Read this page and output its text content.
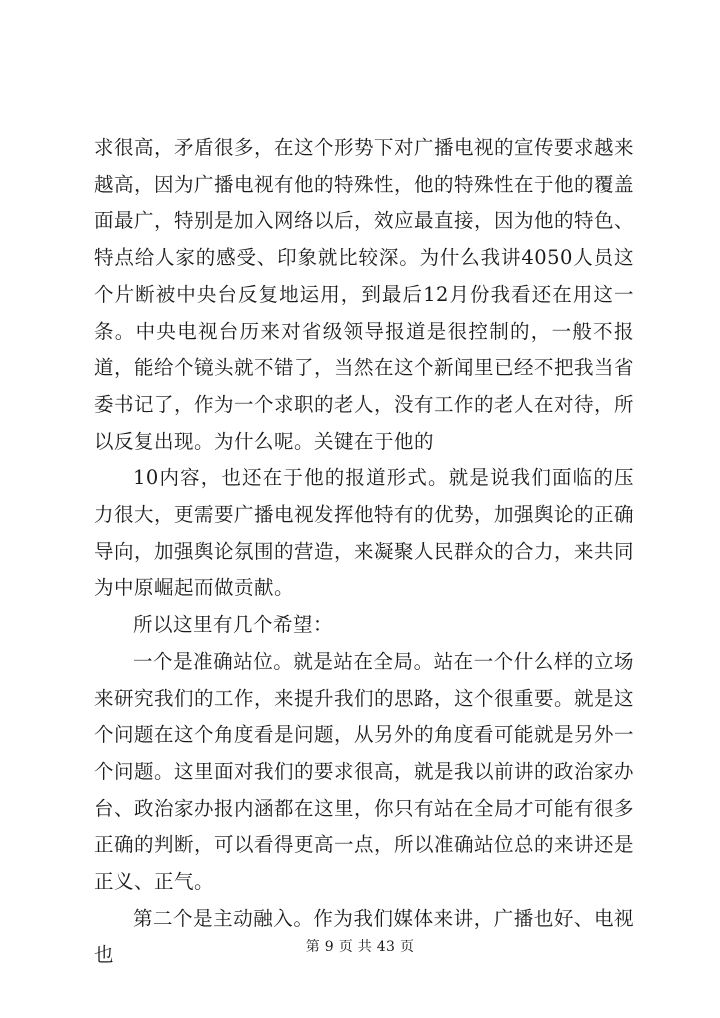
求很高，矛盾很多，在这个形势下对广播电视的宣传要求越来越高，因为广播电视有他的特殊性，他的特殊性在于他的覆盖面最广，特别是加入网络以后，效应最直接，因为他的特色、特点给人家的感受、印象就比较深。为什么我讲4050人员这个片断被中央台反复地运用，到最后12月份我看还在用这一条。中央电视台历来对省级领导报道是很控制的，一般不报道，能给个镜头就不错了，当然在这个新闻里已经不把我当省委书记了，作为一个求职的老人，没有工作的老人在对待，所以反复出现。为什么呢。关键在于他的

10内容，也还在于他的报道形式。就是说我们面临的压力很大，更需要广播电视发挥他特有的优势，加强舆论的正确导向，加强舆论氛围的营造，来凝聚人民群众的合力，来共同为中原崛起而做贡献。

所以这里有几个希望：

一个是准确站位。就是站在全局。站在一个什么样的立场来研究我们的工作，来提升我们的思路，这个很重要。就是这个问题在这个角度看是问题，从另外的角度看可能就是另外一个问题。这里面对我们的要求很高，就是我以前讲的政治家办台、政治家办报内涵都在这里，你只有站在全局才可能有很多正确的判断，可以看得更高一点，所以准确站位总的来讲还是正义、正气。

第二个是主动融入。作为我们媒体来讲，广播也好、电视也	第 9 页 共 43 页
